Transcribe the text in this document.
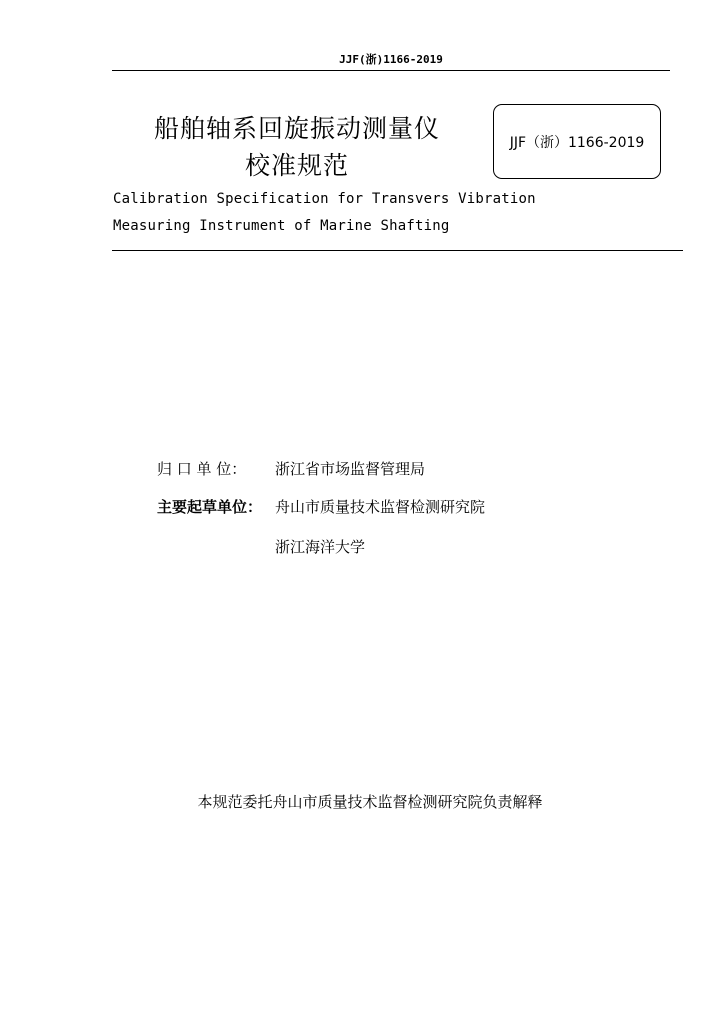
JJF(浙)1166-2019
船舶轴系回旋振动测量仪
校准规范
JJF（浙）1166-2019
Calibration Specification for Transvers Vibration
Measuring Instrument of Marine Shafting
归 口 单 位： 浙江省市场监督管理局
主要起草单位： 舟山市质量技术监督检测研究院
浙江海洋大学
本规范委托舟山市质量技术监督检测研究院负责解释
